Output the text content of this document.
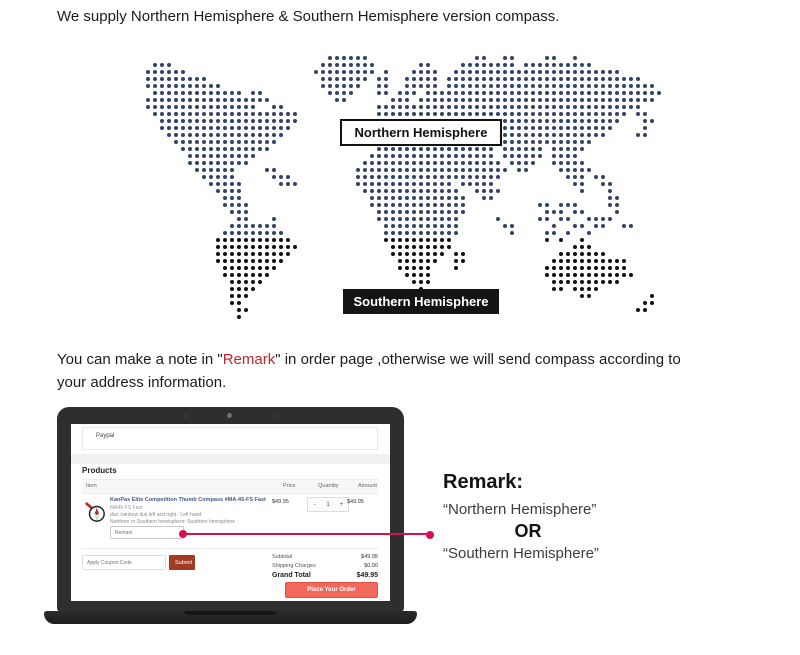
We supply Northern Hemisphere & Southern Hemisphere version compass.
Northern Hemisphere
Southern Hemisphere
You can make a note in "Remark" in order page ,otherwise we will send compass according to
your address information.
Paypal
Products
Item	Price	Quantity	Amount
KanPas Elite Competition Thumb Compass #MA-45-FS Fast
MA45-FS Fast
dial: rainbow dial left and right : Left hand
Northern or Southern hemisphere: Southern hemisphere
Remark
$49.95	-	1	+ $49.95
Apply Coupon Code
Submit
Subtotal	$49.95
Shipping Charges	$0.00
Grand Total	$49.95
Place Your Order
Remark:
“Northern Hemisphere”
OR
“Southern Hemisphere”
